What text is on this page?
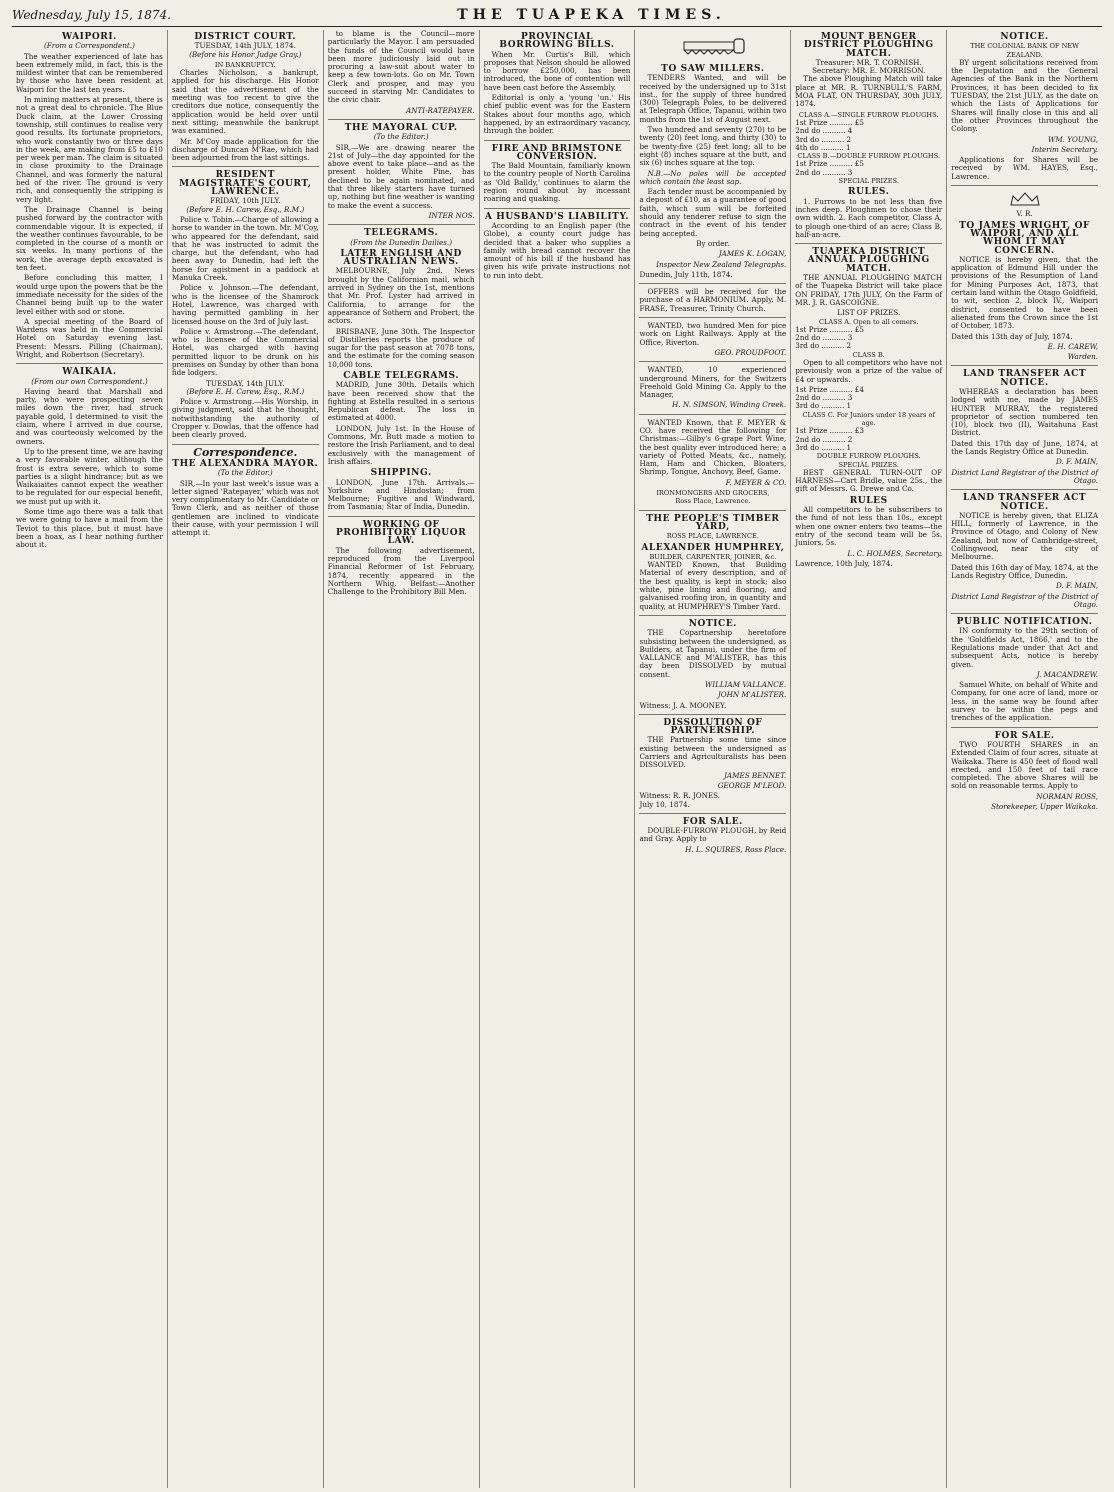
Wednesday, July 15, 1874.	THE TUAPEKA TIMES.
WAIPORI.
(From a Correspondent.)

The weather experienced of late has been extremely mild, in fact, this is the mildest winter that can be remembered by those who have been resident at Waipori for the last ten years.

In mining matters at present, there is not a great deal to chronicle. The Blue Duck claim, at the Lower Crossing township, still continues to realise very good results. Its fortunate proprietors, who work constantly two or three days in the week, are making from £5 to £10 per week per man. The claim is situated in close proximity to the Drainage Channel, and was formerly the natural bed of the river. The ground is very rich, and consequently the stripping is very light.

The Drainage Channel is being pushed forward by the contractor with commendable vigour. It is expected, if the weather continues favourable, to be completed in the course of a month or six weeks. In many portions of the work, the average depth excavated is ten feet.

Before concluding this matter, I would urge upon the powers that be the immediate necessity for the sides of the Channel being built up to the water level either with sod or stone.

A special meeting of the Board of Wardens was held in the Commercial Hotel on Saturday evening last. Present: Messrs. Pilling (Chairman), Wright, and Robertson (Secretary).

WAIKAIA.
(From our own Correspondent.)

Having heard that Marshall and party, who were prospecting seven miles down the river, had struck payable gold, I determined to visit the claim, where I arrived in due course, and was courteously welcomed by the owners.

Up to the present time, we are having a very favorable winter, although the frost is extra severe, which to some parties is a slight hindrance; but as we Waikaiaites cannot expect the weather to be regulated for our especial benefit, we must put up with it.

Some time ago there was a talk that we were going to have a mail from the Teviot to this place, but it must have been a hoax, as I hear nothing further about it.

DISTRICT COURT.
TUESDAY, 14th JULY, 1874.
(Before his Honor Judge Gray.)
IN BANKRUPTCY.

Charles Nicholson, a bankrupt, applied for his discharge. His Honor said that the advertisement of the meeting was too recent to give the creditors due notice, consequently the application would be held over until next sitting; meanwhile the bankrupt was examined.

Mr. M'Coy made application for the discharge of Duncan M'Rae, which had been adjourned from the last sittings.

RESIDENT MAGISTRATE'S COURT, LAWRENCE.
FRIDAY, 10th JULY.
(Before E. H. Carew, Esq., R.M.)

Police v. Tobin.—Charge of allowing a horse to wander in the town. Mr. M'Coy, who appeared for the defendant, said that he was instructed to admit the charge, but the defendant, who had been away to Dunedin, had left the horse for agistment in a paddock at Manuka Creek.

Police v. Johnson.—The defendant, who is the licensee of the Shamrock Hotel, Lawrence, was charged with having permitted gambling in her licensed house on the 3rd of July last.

Police v. Armstrong.—The defendant, who is licensee of the Commercial Hotel, was charged with having permitted liquor to be drunk on his premises on Sunday by other than bona fide lodgers.

TUESDAY, 14th JULY.
(Before E. H. Carew, Esq., R.M.)

Police v. Armstrong.—His Worship, in giving judgment, said that he thought, notwithstanding the authority of Cropper v. Dowlas, that the offence had been clearly proved.

Correspondence.
THE ALEXANDRA MAYOR.
(To the Editor.)

SIR,—In your last week's issue was a letter signed 'Ratepayer,' which was not very complimentary to Mr. Candidate or Town Clerk, and as neither of those gentlemen are inclined to vindicate their cause, with your permission I will attempt it.

to blame is the Council—more particularly the Mayor. I am persuaded the funds of the Council would have been more judiciously laid out in procuring a law-suit about water to keep a few town-lots. Go on Mr. Town Clerk and prosper, and may you succeed in starving Mr. Candidates to the civic chair.

ANTI-RATEPAYER.
THE MAYORAL CUP.
(To the Editor.)

SIR,—We are drawing nearer the 21st of July—the day appointed for the above event to take place—and as the present holder, White Pine, has declined to be again nominated, and that three likely starters have turned up, nothing but fine weather is wanting to make the event a success.

INTER NOS.
TELEGRAMS.
(From the Dunedin Dailies.)
LATER ENGLISH AND AUSTRALIAN NEWS.

MELBOURNE, July 2nd. News brought by the Californian mail, which arrived in Sydney on the 1st, mentions that Mr. Prof. Lyster had arrived in California, to arrange for the appearance of Sothern and Probert, the actors.

BRISBANE, June 30th. The Inspector of Distilleries reports the produce of sugar for the past season at 7078 tons, and the estimate for the coming season 10,000 tons.

CABLE TELEGRAMS.

MADRID, June 30th. Details which have been received show that the fighting at Estella resulted in a serious Republican defeat. The loss in estimated at 4000.

LONDON, July 1st. In the House of Commons, Mr. Butt made a motion to restore the Irish Parliament, and to deal exclusively with the management of Irish affairs.

SHIPPING.

LONDON, June 17th. Arrivals.—Yorkshire and Hindostan; from Melbourne; Fugitive and Windward, from Tasmania; Star of India, Dunedin.

WORKING OF PROHIBITORY LIQUOR LAW.

The following advertisement, reproduced from the Liverpool Financial Reformer of 1st February, 1874, recently appeared in the Northern Whig, Belfast:—Another Challenge to the Prohibitory Bill Men.

PROVINCIAL BORROWING BILLS.

When Mr. Curtis's Bill, which proposes that Nelson should be allowed to borrow £250,000, has been introduced, the bone of contention will have been cast before the Assembly.

Editorial is only a 'young 'un.' His chief public event was for the Eastern Stakes about four months ago, which happened, by an extraordinary vacancy, through the bolder.

FIRE AND BRIMSTONE CONVERSION.

The Bald Mountain, familiarly known to the country people of North Carolina as 'Old Balldy,' continues to alarm the region round about by incessant roaring and quaking.

A HUSBAND'S LIABILITY.

According to an English paper (the Globe), a county court judge has decided that a baker who supplies a family with bread cannot recover the amount of his bill if the husband has given his wife private instructions not to run into debt.

TO SAW MILLERS.

TENDERS Wanted, and will be received by the undersigned up to 31st inst., for the supply of three hundred (300) Telegraph Poles, to be delivered at Telegraph Office, Tapanui, within two months from the 1st of August next.

Two hundred and seventy (270) to be twenty (20) feet long, and thirty (30) to be twenty-five (25) feet long; all to be eight (8) inches square at the butt, and six (6) inches square at the top.

N.B.—No poles will be accepted which contain the least sap.

Each tender must be accompanied by a deposit of £10, as a guarantee of good faith, which sum will be forfeited should any tenderer refuse to sign the contract in the event of his tender being accepted.

By order.
JAMES K. LOGAN,
Inspector New Zealand Telegraphs.
Dunedin, July 11th, 1874.

OFFERS will be received for the purchase of a HARMONIUM. Apply, M. FRASE, Treasurer, Trinity Church.

WANTED, two hundred Men for pice work on Light Railways. Apply at the Office, Riverton.

GEO. PROUDFOOT.

WANTED, 10 experienced underground Miners, for the Switzers Freehold Gold Mining Co. Apply to the Manager,

H. N. SIMSON, Winding Creek.

WANTED Known, that F. MEYER & CO. have received the following for Christmas:—Gilby's 6-grape Port Wine, the best quality ever introduced here; a variety of Potted Meats, &c., namely, Ham, Ham and Chicken, Bloaters, Shrimp, Tongue, Anchovy, Beef, Game.

F. MEYER & CO.
IRONMONGERS AND GROCERS,
Ross Place, Lawrence.
THE PEOPLE'S TIMBER YARD,
ROSS PLACE, LAWRENCE.
ALEXANDER HUMPHREY,
BUILDER, CARPENTER, JOINER, &c.

WANTED Known, that Building Material of every description, and of the best quality, is kept in stock; also white, pine lining and flooring, and galvanised roofing iron, in quantity and quality, at HUMPHREY'S Timber Yard.

NOTICE.

THE Copartnership heretofore subsisting between the undersigned, as Builders, at Tapanui, under the firm of VALLANCE and M'ALISTER, has this day been DISSOLVED by mutual consent.

WILLIAM VALLANCE.
JOHN M'ALISTER.
Witness: J. A. MOONEY.
DISSOLUTION OF PARTNERSHIP.

THE Partnership some time since existing between the undersigned as Carriers and Agriculturalists has been DISSOLVED.

JAMES BENNET.
GEORGE M'LEOD.
Witness: R. R. JONES.
July 10, 1874.
FOR SALE.

DOUBLE-FURROW PLOUGH, by Reid and Gray. Apply to

H. L. SQUIRES, Ross Place.
MOUNT BENGER DISTRICT PLOUGHING MATCH.
Treasurer: MR. T. CORNISH.
Secretary: MR. E. MORRISON.

The above Ploughing Match will take place at MR. R. TURNBULL'S FARM, MOA FLAT, ON THURSDAY, 30th JULY, 1874.

CLASS A.—SINGLE FURROW PLOUGHS.
1st Prize .......... £5
2nd do .......... 4
3rd do .......... 2
4th do .......... 1
CLASS B.—DOUBLE FURROW PLOUGHS.
1st Prize .......... £5
2nd do .......... 3
SPECIAL PRIZES.
RULES.

1. Furrows to be not less than five inches deep. Ploughmen to chose their own width. 2. Each competitor, Class A, to plough one-third of an acre; Class B, half-an-acre.

TUAPEKA DISTRICT ANNUAL PLOUGHING MATCH.

THE ANNUAL PLOUGHING MATCH of the Tuapeka District will take place ON FRIDAY, 17th JULY, On the Farm of MR. J. R. GASCOIGNE.

LIST OF PRIZES.
CLASS A. Open to all comers.
1st Prize .......... £5
2nd do .......... 3
3rd do .......... 2
CLASS B.

Open to all competitors who have not previously won a prize of the value of £4 or upwards.

1st Prize .......... £4
2nd do .......... 3
3rd do .......... 1
CLASS C. For Juniors under 18 years of age.
1st Prize .......... £3
2nd do .......... 2
3rd do .......... 1
DOUBLE FURROW PLOUGHS.
SPECIAL PRIZES.

BEST GENERAL TURN-OUT OF HARNESS—Cart Bridle, value 25s., the gift of Messrs. G. Drewe and Co.

RULES

All competitors to be subscribers to the fund of not less than 10s., except when one owner enters two teams—the entry of the second team will be 5s. Juniors, 5s.

L. C. HOLMES, Secretary.
Lawrence, 10th July, 1874.
NOTICE.
THE COLONIAL BANK OF NEW ZEALAND.

BY urgent solicitations received from the Deputation and the General Agencies of the Bank in the Northern Provinces, it has been decided to fix TUESDAY, the 21st JULY, as the date on which the Lists of Applications for Shares will finally close in this and all the other Provinces throughout the Colony.

WM. YOUNG,
Interim Secretary.

Applications for Shares will be received by WM. HAYES, Esq., Lawrence.

V. R.
TO JAMES WRIGHT, OF WAIPORI, AND ALL WHOM IT MAY CONCERN.

NOTICE is hereby given, that the application of Edmund Hill under the provisions of the Resumption of Land for Mining Purposes Act, 1873, that certain land within the Otago Goldfield, to wit, section 2, block IV., Waipori district, consented to have been alienated from the Crown since the 1st of October, 1873.

Dated this 13th day of July, 1874.
E. H. CAREW,
Warden.
LAND TRANSFER ACT NOTICE.

WHEREAS a declaration has been lodged with me, made by JAMES HUNTER MURRAY, the registered proprietor of section numbered ten (10), block two (II), Waitahuna East District.

Dated this 17th day of June, 1874, at the Lands Registry Office at Dunedin.
D. F. MAIN,
District Land Registrar of the District of Otago.
LAND TRANSFER ACT NOTICE.

NOTICE is hereby given, that ELIZA HILL, formerly of Lawrence, in the Province of Otago, and Colony of New Zealand, but now of Cambridge-street, Collingwood, near the city of Melbourne.

Dated this 16th day of May, 1874, at the Lands Registry Office, Dunedin.
D. F. MAIN,
District Land Registrar of the District of Otago.
PUBLIC NOTIFICATION.

IN conformity to the 29th section of the 'Goldfields Act, 1866,' and to the Regulations made under that Act and subsequent Acts, notice is hereby given.

J. MACANDREW.

Samuel White, on behalf of White and Company, for one acre of land, more or less, in the same way be found after survey to be within the pegs and trenches of the application.

FOR SALE.

TWO FOURTH SHARES in an Extended Claim of four acres, situate at Waikaka. There is 450 feet of flood wall erected, and 150 feet of tail race completed. The above Shares will be sold on reasonable terms. Apply to

NORMAN ROSS,
Storekeeper, Upper Waikaka.
